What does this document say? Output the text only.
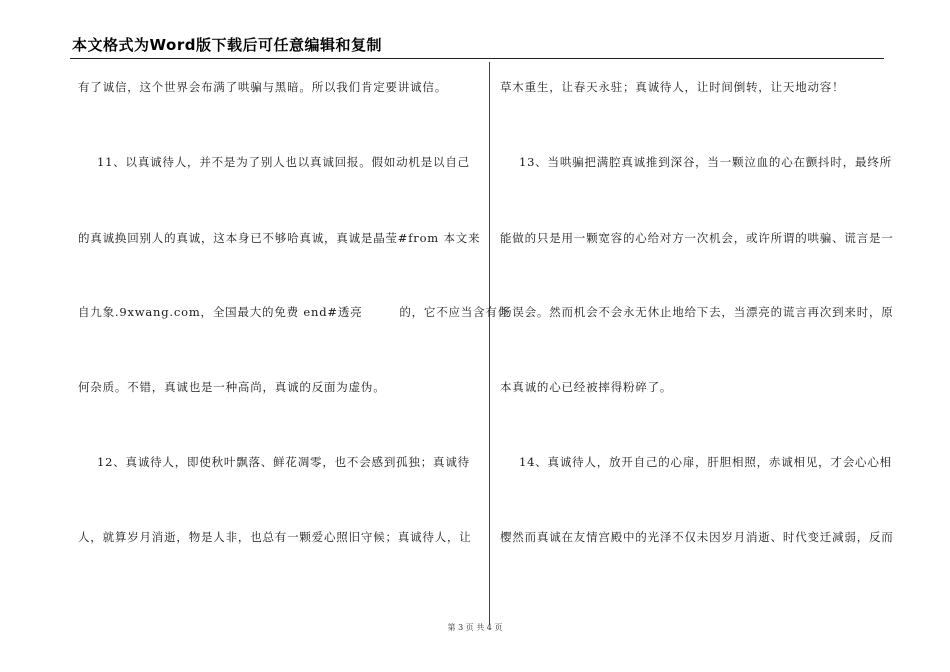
本文格式为Word版下载后可任意编辑和复制
有了诚信，这个世界会布满了哄骗与黑暗。所以我们肯定要讲诚信。
11、以真诚待人，并不是为了别人也以真诚回报。假如动机是以自己
的真诚换回别人的真诚，这本身已不够哈真诚，真诚是晶莹#from 本文来
自九象.9xwang.com，全国最大的免费 end#透亮　　　的，它不应当含有任
何杂质。不错，真诚也是一种高尚，真诚的反面为虚伪。
12、真诚待人，即使秋叶飘落、鲜花凋零，也不会感到孤独；真诚待
人，就算岁月消逝，物是人非，也总有一颗爱心照旧守候；真诚待人，让
草木重生，让春天永驻；真诚待人，让时间倒转，让天地动容！
13、当哄骗把满腔真诚推到深谷，当一颗泣血的心在颤抖时，最终所
能做的只是用一颗宽容的心给对方一次机会，或许所谓的哄骗、谎言是一
场误会。然而机会不会永无休止地给下去，当漂亮的谎言再次到来时，原
本真诚的心已经被摔得粉碎了。
14、真诚待人，放开自己的心扉，肝胆相照，赤诚相见，才会心心相
樱然而真诚在友情宫殿中的光泽不仅未因岁月消逝、时代变迁减弱，反而
第 3 页 共 4 页
